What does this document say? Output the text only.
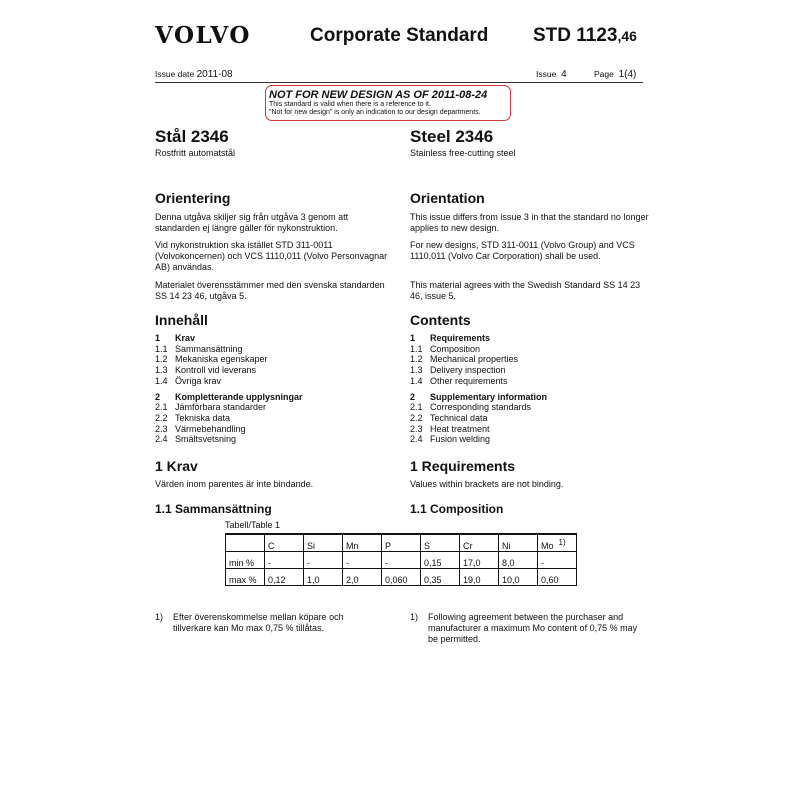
VOLVO	Corporate Standard STD 1123,46
Issue date 2011-08	Issue 4	Page 1(4)
NOT FOR NEW DESIGN AS OF 2011-08-24
This standard is valid when there is a reference to it.
"Not for new design" is only an indication to our design departments.
Stål 2346
Rostfritt automatstål
Steel 2346
Stainless free-cutting steel
Orientering
Denna utgåva skiljer sig från utgåva 3 genom att standarden ej längre gäller för nykonstruktion.
Vid nykonstruktion ska istället STD 311-0011 (Volvokoncernen) och VCS 1110,011 (Volvo Personvagnar AB) användas.
Materialet överensstämmer med den svenska standarden SS 14 23 46, utgåva 5.
Orientation
This issue differs from issue 3 in that the standard no longer applies to new design.
For new designs, STD 311-0011 (Volvo Group) and VCS 1110,011 (Volvo Car Corporation) shall be used.
This material agrees with the Swedish Standard SS 14 23 46, issue 5.
Innehåll
1 Krav
1.1 Sammansättning
1.2 Mekaniska egenskaper
1.3 Kontroll vid leverans
1.4 Övriga krav
2 Kompletterande upplysningar
2.1 Jämförbara standarder
2.2 Tekniska data
2.3 Värmebehandling
2.4 Smältsvetsning
Contents
1 Requirements
1.1 Composition
1.2 Mechanical properties
1.3 Delivery inspection
1.4 Other requirements
2 Supplementary information
2.1 Corresponding standards
2.2 Technical data
2.3 Heat treatment
2.4 Fusion welding
1 Krav
Värden inom parentes är inte bindande.
1 Requirements
Values within brackets are not binding.
1.1 Sammansättning	1.1 Composition
Tabell/Table 1
	C	Si	Mn	P	S	Cr	Ni	Mo $^{1)}$
min %	-	-	-	-	0,15	17,0	8,0	-
max %	0,12	1,0	2,0	0,060	0,35	19,0	10,0	0,60
1) Efter överenskommelse mellan köpare och tillverkare kan Mo max 0,75 % tillåtas.
1) Following agreement between the purchaser and manufacturer a maximum Mo content of 0,75 % may be permitted.
